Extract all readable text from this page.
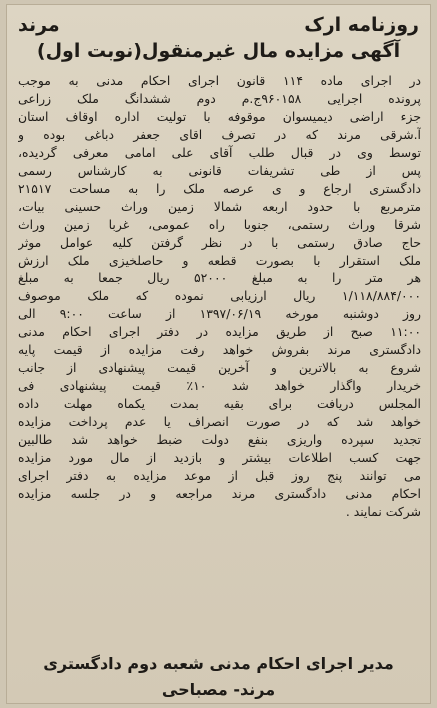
روزنامه ارک
مرند
آگهی مزایده مال غیرمنقول(نوبت اول)
در اجرای ماده ۱۱۴ قانون اجرای احکام مدنی به موجب
پرونده اجرایی ۹۶۰۱۵۸ج.م دوم ششدانگ ملک زراعی
جزء اراضی دیمیسوان موقوفه با تولیت اداره اوقاف استان
آ.شرقی مرند که در تصرف اقای جعفر دباغی بوده و
توسط وی در قبال طلب آقای علی امامی معرفی گردیده،
پس از طی تشریفات قانونی به کارشناس رسمی
دادگستری ارجاع و ی عرصه ملک را به مساحت ۲۱۵۱۷
مترمربع با حدود اربعه شمالا زمین وراث حسینی بیات،
شرقا وراث رستمی، جنوبا راه عمومی، غربا زمین وراث
حاج صادق رستمی با در نظر گرفتن کلیه عوامل موثر
ملک استقرار با بصورت قطعه و حاصلخیزی ملک ارزش
هر متر را به مبلغ ۵۲۰۰۰ ریال جمعا به مبلغ
۱/۱۱۸/۸۸۴/۰۰۰ ریال ارزیابی نموده که ملک موصوف
روز دوشنبه مورخه ۱۳۹۷/۰۶/۱۹ از ساعت ۹:۰۰ الی
۱۱:۰۰ صبح از طریق مزایده در دفتر اجرای احکام مدنی
دادگستری مرند بفروش خواهد رفت مزایده از قیمت پایه
شروع به بالاترین و آخرین قیمت پیشنهادی از جانب
خریدار واگذار خواهد شد ۱۰٪ قیمت پیشنهادی فی
المجلس دریافت برای بقیه بمدت یکماه مهلت داده
خواهد شد که در صورت انصراف یا عدم پرداخت مزایده
تجدید سپرده واریزی بنفع دولت ضبط خواهد شد طالبین
جهت کسب اطلاعات بیشتر و بازدید از مال مورد مزایده
می توانند پنج روز قبل از موعد مزایده به دفتر اجرای
احکام مدنی دادگستری مرند مراجعه و در جلسه مزایده
شرکت نمایند .
مدیر اجرای احکام مدنی شعبه دوم دادگستری
مرند- مصباحی
